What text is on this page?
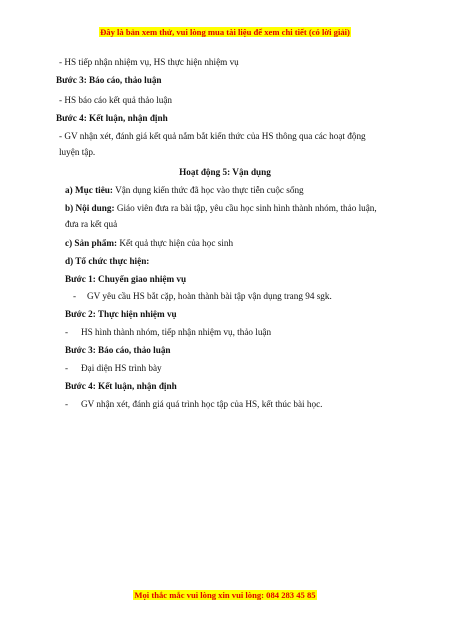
Đây là bản xem thử, vui lòng mua tài liệu để xem chi tiết (có lời giải)
- HS tiếp nhận nhiệm vụ, HS thực hiện nhiệm vụ
Bước 3: Báo cáo, thảo luận
- HS báo cáo kết quả thảo luận
Bước 4: Kết luận, nhận định
- GV nhận xét, đánh giá kết quả nắm bắt kiến thức của HS thông qua các hoạt động
luyện tập.
Hoạt động 5: Vận dụng
a) Mục tiêu: Vận dụng kiến thức đã học vào thực tiễn cuộc sống
b) Nội dung: Giáo viên đưa ra bài tập, yêu cầu học sinh hình thành nhóm, thảo luận,
đưa ra kết quả
c) Sản phẩm: Kết quả thực hiện của học sinh
d) Tổ chức thực hiện:
Bước 1: Chuyển giao nhiệm vụ
- GV yêu cầu HS bắt cặp, hoàn thành bài tập vận dụng trang 94 sgk.
Bước 2: Thực hiện nhiệm vụ
- HS hình thành nhóm, tiếp nhận nhiệm vụ, thảo luận
Bước 3: Báo cáo, thảo luận
- Đại diện HS trình bày
Bước 4: Kết luận, nhận định
- GV nhận xét, đánh giá quá trình học tập của HS, kết thúc bài học.
Mọi thắc mắc vui lòng xin vui lòng: 084 283 45 85
